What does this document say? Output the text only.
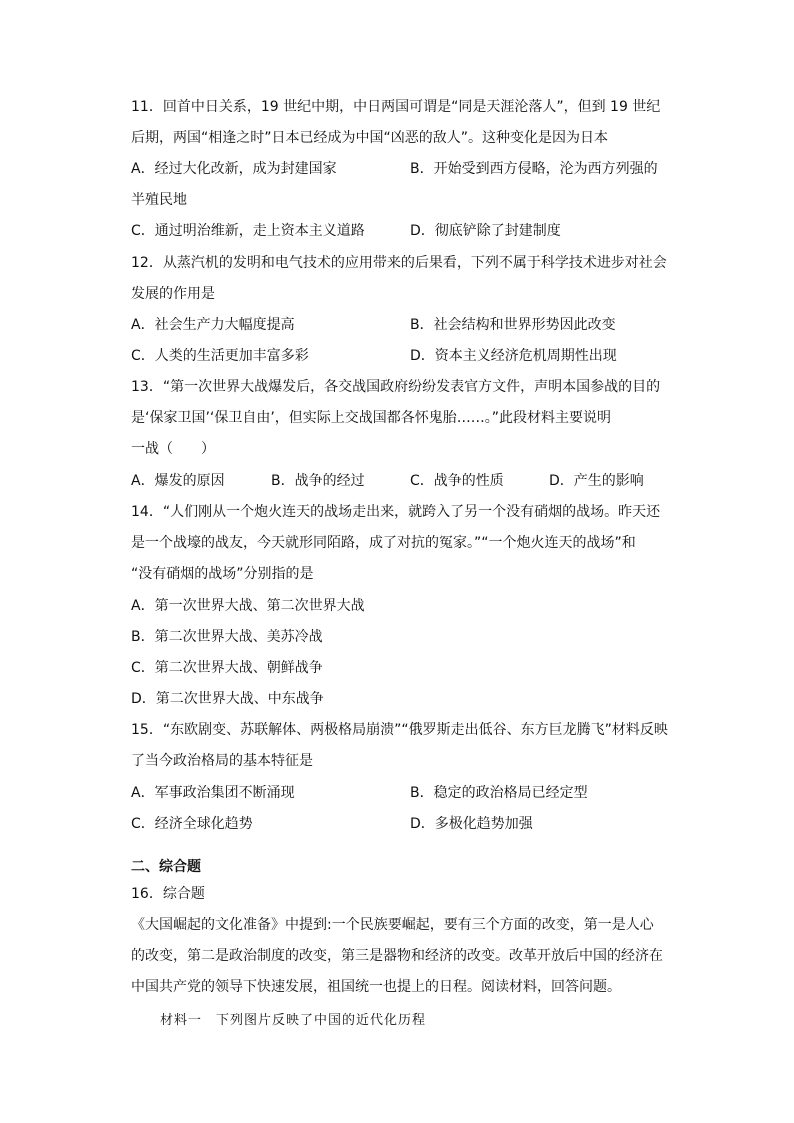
11．回首中日关系，19 世纪中期，中日两国可谓是“同是天涯沦落人”，但到 19 世纪
后期，两国“相逢之时”日本已经成为中国“凶恶的敌人”。这种变化是因为日本
A．经过大化改新，成为封建国家	B．开始受到西方侵略，沦为西方列强的
半殖民地
C．通过明治维新，走上资本主义道路	D．彻底铲除了封建制度
12．从蒸汽机的发明和电气技术的应用带来的后果看，下列不属于科学技术进步对社会
发展的作用是
A．社会生产力大幅度提高	B．社会结构和世界形势因此改变
C．人类的生活更加丰富多彩	D．资本主义经济危机周期性出现
13．“第一次世界大战爆发后，各交战国政府纷纷发表官方文件，声明本国参战的目的
是‘保家卫国’‘保卫自由’，但实际上交战国都各怀鬼胎……。”此段材料主要说明
一战（　　）
A．爆发的原因	B．战争的经过	C．战争的性质	D．产生的影响
14．“人们刚从一个炮火连天的战场走出来，就跨入了另一个没有硝烟的战场。昨天还
是一个战壕的战友，今天就形同陌路，成了对抗的冤家。”“一个炮火连天的战场”和
“没有硝烟的战场”分别指的是
A．第一次世界大战、第二次世界大战
B．第二次世界大战、美苏冷战
C．第二次世界大战、朝鲜战争
D．第二次世界大战、中东战争
15．“东欧剧变、苏联解体、两极格局崩溃”“俄罗斯走出低谷、东方巨龙腾飞”材料反映
了当今政治格局的基本特征是
A．军事政治集团不断涌现	B．稳定的政治格局已经定型
C．经济全球化趋势	D．多极化趋势加强
二、综合题
16．综合题
《大国崛起的文化准备》中提到:一个民族要崛起，要有三个方面的改变，第一是人心
的改变，第二是政治制度的改变，第三是器物和经济的改变。改革开放后中国的经济在
中国共产党的领导下快速发展，祖国统一也提上的日程。阅读材料，回答问题。
材料一　下列图片反映了中国的近代化历程
